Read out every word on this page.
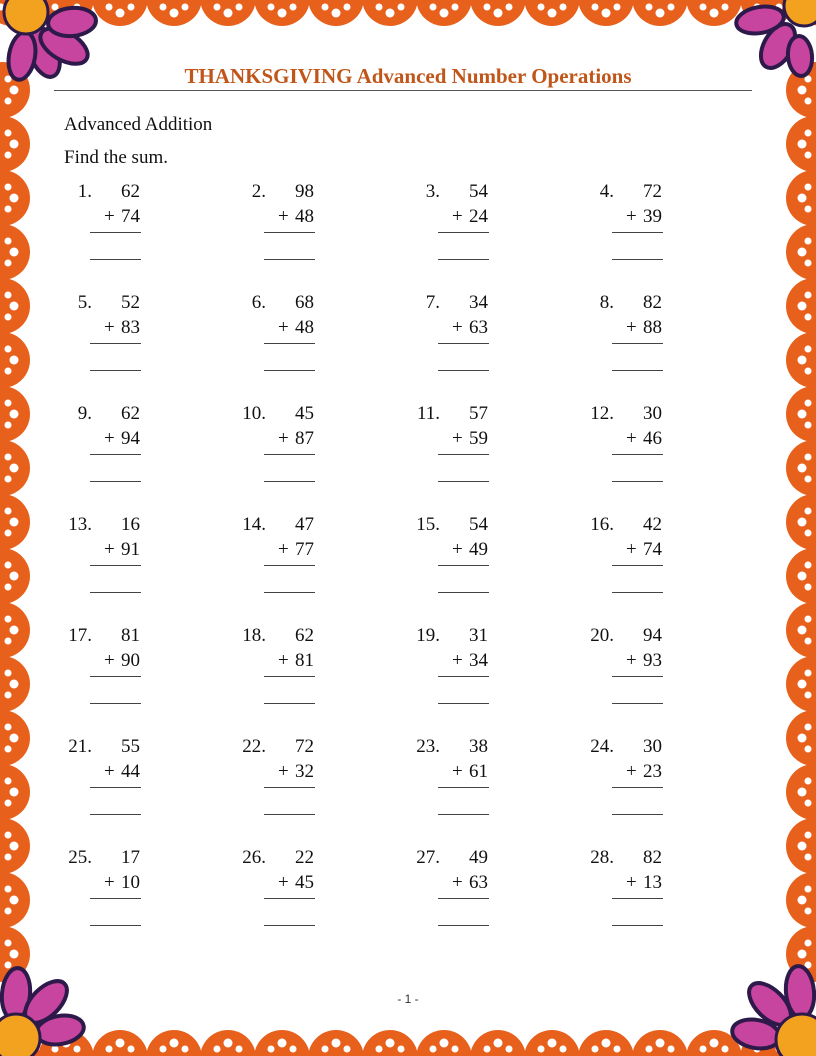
THANKSGIVING Advanced Number Operations
Advanced Addition
Find the sum.
1.	62
+ 74
2.	98
+ 48
3.	54
+ 24
4.	72
+ 39
5.	52
+ 83
6.	68
+ 48
7.	34
+ 63
8.	82
+ 88
9.	62
+ 94
10.	45
+ 87
11.	57
+ 59
12.	30
+ 46
13.	16
+ 91
14.	47
+ 77
15.	54
+ 49
16.	42
+ 74
17.	81
+ 90
18.	62
+ 81
19.	31
+ 34
20.	94
+ 93
21.	55
+ 44
22.	72
+ 32
23.	38
+ 61
24.	30
+ 23
25.	17
+ 10
26.	22
+ 45
27.	49
+ 63
28.	82
+ 13
- 1 -
